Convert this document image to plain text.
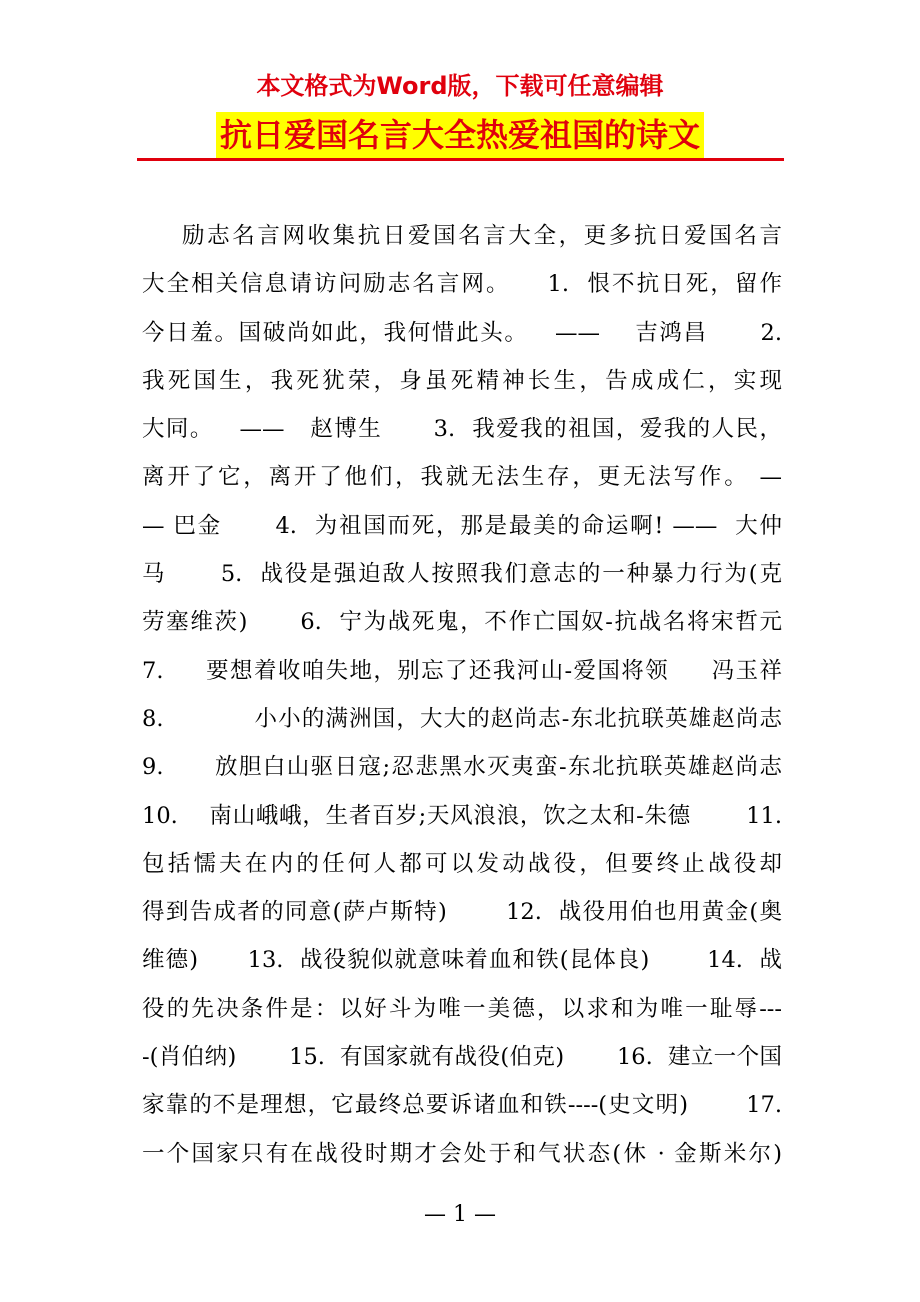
本文格式为Word版，下载可任意编辑
抗日爱国名言大全热爱祖国的诗文
励志名言网收集抗日爱国名言大全，更多抗日爱国名言
大全相关信息请访问励志名言网。    1.  恨不抗日死，留作
今日羞。国破尚如此，我何惜此头。   ——    吉鸿昌      2.
我死国生，我死犹荣，身虽死精神长生，告成成仁，实现
大同。   ——   赵博生      3.  我爱我的祖国，爱我的人民，
离开了它，离开了他们，我就无法生存，更无法写作。 —
— 巴金      4.  为祖国而死，那是最美的命运啊! ——  大仲
马      5.  战役是强迫敌人按照我们意志的一种暴力行为(克
劳塞维茨)      6.  宁为战死鬼，不作亡国奴-抗战名将宋哲元
7.     要想着收咱失地，别忘了还我河山-爱国将领     冯玉祥
8.           小小的满洲国，大大的赵尚志-东北抗联英雄赵尚志
9.      放胆白山驱日寇;忍悲黑水灭夷蛮-东北抗联英雄赵尚志
10.    南山峨峨，生者百岁;天风浪浪，饮之太和-朱德       11.
包括懦夫在内的任何人都可以发动战役，但要终止战役却
得到告成者的同意(萨卢斯特)       12.  战役用伯也用黄金(奥
维德)      13.  战役貌似就意味着血和铁(昆体良)       14.  战
役的先决条件是：以好斗为唯一美德，以求和为唯一耻辱---
-(肖伯纳)       15.  有国家就有战役(伯克)       16.  建立一个国
家靠的不是理想，它最终总要诉诸血和铁----(史文明)       17.
一个国家只有在战役时期才会处于和气状态(休 · 金斯米尔)
— 1 —
